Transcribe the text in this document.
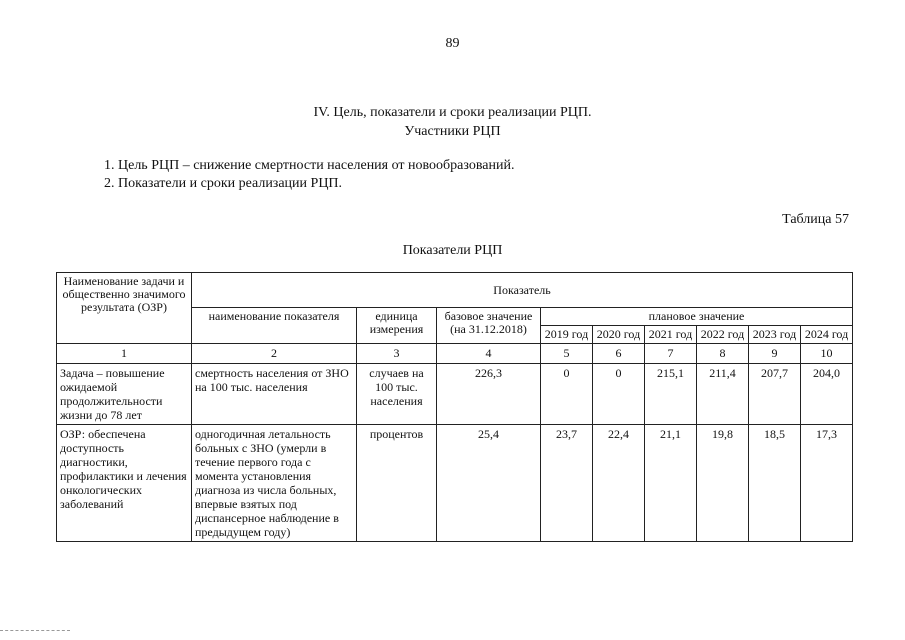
89
IV. Цель, показатели и сроки реализации РЦП.
Участники РЦП
1. Цель РЦП – снижение смертности населения от новообразований.
2. Показатели и сроки реализации РЦП.
Таблица 57
Показатели РЦП
Наименование задачи и общественно значимого результата (ОЗР)	Показатель								
	наименование показателя	единица измерения	базовое значение (на 31.12.2018)	плановое значение					
				2019 год	2020 год	2021 год	2022 год	2023 год	2024 год
1	2	3	4	5	6	7	8	9	10
Задача – повышение ожидаемой продолжительности жизни до 78 лет	смертность населения от ЗНО на 100 тыс. населения	случаев на 100 тыс. населения	226,3	0	0	215,1	211,4	207,7	204,0
ОЗР: обеспечена доступность диагностики, профилактики и лечения онкологических заболеваний	одногодичная летальность больных с ЗНО (умерли в течение первого года с момента установления диагноза из числа больных, впервые взятых под диспансерное наблюдение в предыдущем году)	процентов	25,4	23,7	22,4	21,1	19,8	18,5	17,3
